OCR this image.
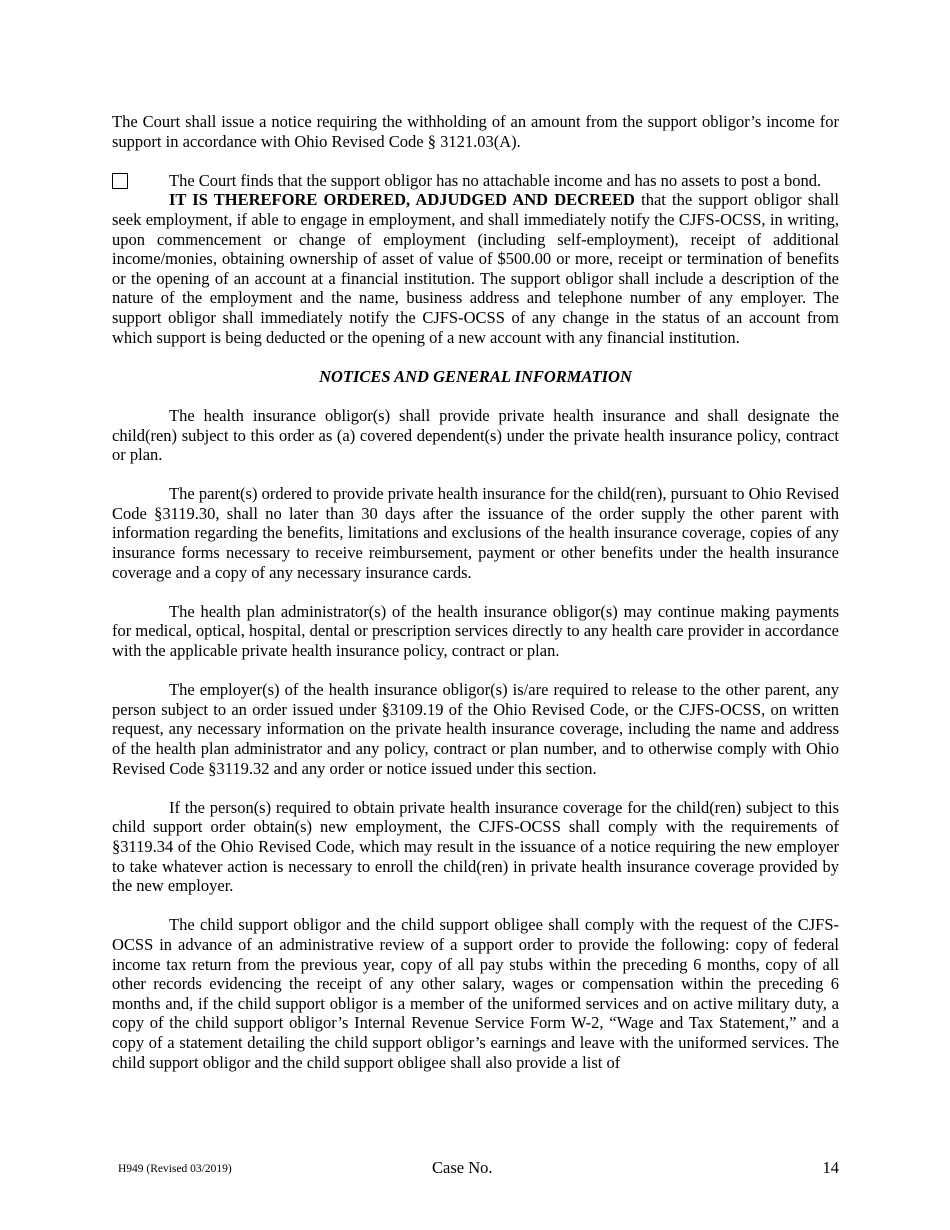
The Court shall issue a notice requiring the withholding of an amount from the support obligor’s income for support in accordance with Ohio Revised Code § 3121.03(A).

The Court finds that the support obligor has no attachable income and has no assets to post a bond.

IT IS THEREFORE ORDERED, ADJUDGED AND DECREED that the support obligor shall seek employment, if able to engage in employment, and shall immediately notify the CJFS-OCSS, in writing, upon commencement or change of employment (including self-employment), receipt of additional income/monies, obtaining ownership of asset of value of $500.00 or more, receipt or termination of benefits or the opening of an account at a financial institution. The support obligor shall include a description of the nature of the employment and the name, business address and telephone number of any employer. The support obligor shall immediately notify the CJFS-OCSS of any change in the status of an account from which support is being deducted or the opening of a new account with any financial institution.

NOTICES AND GENERAL INFORMATION

The health insurance obligor(s) shall provide private health insurance and shall designate the child(ren) subject to this order as (a) covered dependent(s) under the private health insurance policy, contract or plan.

The parent(s) ordered to provide private health insurance for the child(ren), pursuant to Ohio Revised Code §3119.30, shall no later than 30 days after the issuance of the order supply the other parent with information regarding the benefits, limitations and exclusions of the health insurance coverage, copies of any insurance forms necessary to receive reimbursement, payment or other benefits under the health insurance coverage and a copy of any necessary insurance cards.

The health plan administrator(s) of the health insurance obligor(s) may continue making payments for medical, optical, hospital, dental or prescription services directly to any health care provider in accordance with the applicable private health insurance policy, contract or plan.

The employer(s) of the health insurance obligor(s) is/are required to release to the other parent, any person subject to an order issued under §3109.19 of the Ohio Revised Code, or the CJFS-OCSS, on written request, any necessary information on the private health insurance coverage, including the name and address of the health plan administrator and any policy, contract or plan number, and to otherwise comply with Ohio Revised Code §3119.32 and any order or notice issued under this section.

If the person(s) required to obtain private health insurance coverage for the child(ren) subject to this child support order obtain(s) new employment, the CJFS-OCSS shall comply with the requirements of §3119.34 of the Ohio Revised Code, which may result in the issuance of a notice requiring the new employer to take whatever action is necessary to enroll the child(ren) in private health insurance coverage provided by the new employer.

The child support obligor and the child support obligee shall comply with the request of the CJFS-OCSS in advance of an administrative review of a support order to provide the following: copy of federal income tax return from the previous year, copy of all pay stubs within the preceding 6 months, copy of all other records evidencing the receipt of any other salary, wages or compensation within the preceding 6 months and, if the child support obligor is a member of the uniformed services and on active military duty, a copy of the child support obligor’s Internal Revenue Service Form W-2, “Wage and Tax Statement,” and a copy of a statement detailing the child support obligor’s earnings and leave with the uniformed services. The child support obligor and the child support obligee shall also provide a list of

H949 (Revised 03/2019)	Case No.	14
